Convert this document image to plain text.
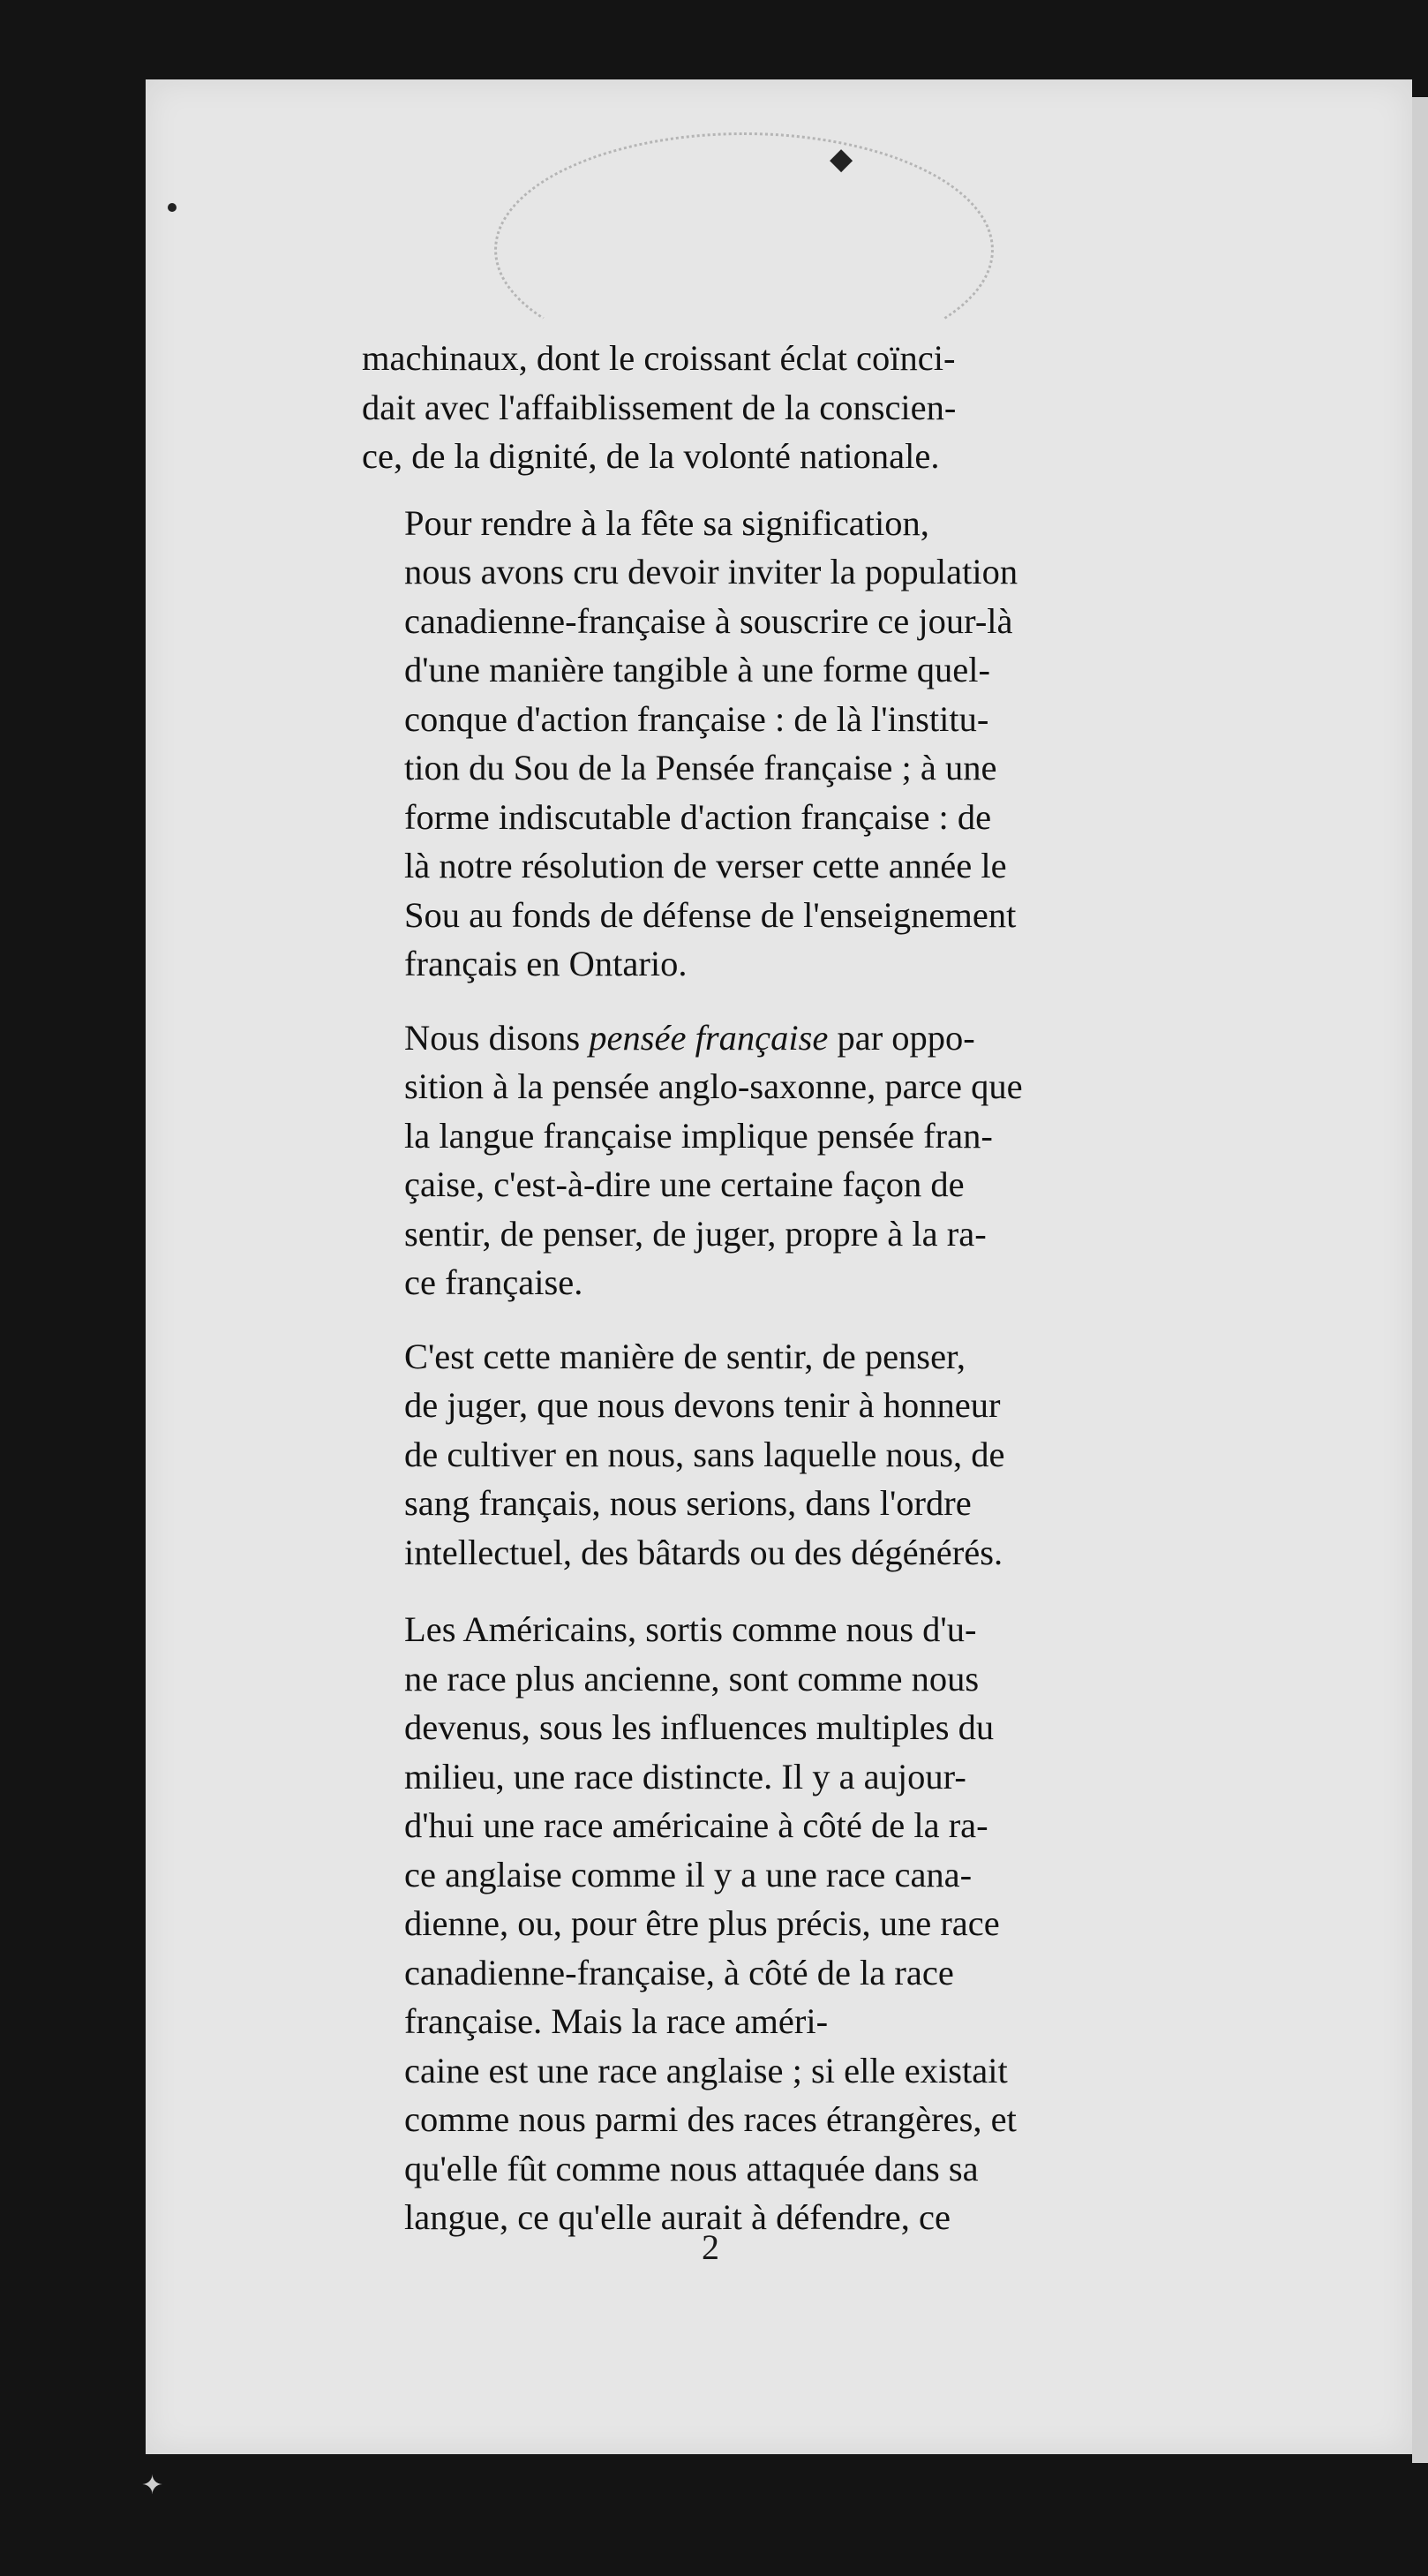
◆

machinaux, dont le croissant éclat coïnci-
dait avec l'affaiblissement de la conscien-
ce, de la dignité, de la volonté nationale.

Pour rendre à la fête sa signification,
nous avons cru devoir inviter la population
canadienne-française à souscrire ce jour-là
d'une manière tangible à une forme quel-
conque d'action française : de là l'institu-
tion du Sou de la Pensée française ; à une
forme indiscutable d'action française : de
là notre résolution de verser cette année le
Sou au fonds de défense de l'enseignement
français en Ontario.

Nous disons pensée française par oppo-
sition à la pensée anglo-saxonne, parce que
la langue française implique pensée fran-
çaise, c'est-à-dire une certaine façon de
sentir, de penser, de juger, propre à la ra-
ce française.

C'est cette manière de sentir, de penser,
de juger, que nous devons tenir à honneur
de cultiver en nous, sans laquelle nous, de
sang français, nous serions, dans l'ordre
intellectuel, des bâtards ou des dégénérés.

Les Américains, sortis comme nous d'u-
ne race plus ancienne, sont comme nous
devenus, sous les influences multiples du
milieu, une race distincte. Il y a aujour-
d'hui une race américaine à côté de la ra-
ce anglaise comme il y a une race cana-
dienne, ou, pour être plus précis, une race
canadienne-française, à côté de la race
française. Mais la race améri-
caine est une race anglaise ; si elle existait
comme nous parmi des races étrangères, et
qu'elle fût comme nous attaquée dans sa
langue, ce qu'elle aurait à défendre, ce

2
✦
